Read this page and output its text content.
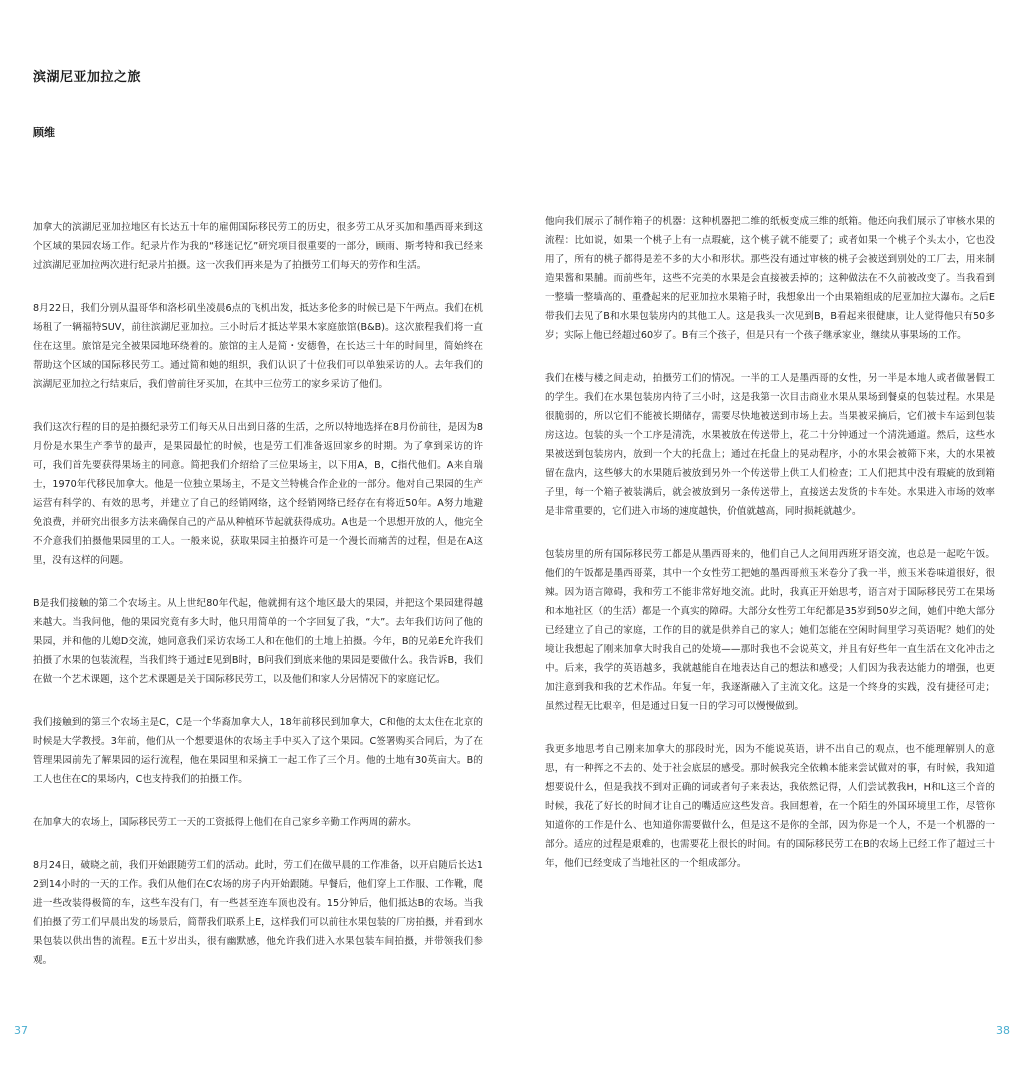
滨湖尼亚加拉之旅
顾维

加拿大的滨湖尼亚加拉地区有长达五十年的雇佣国际移民劳工的历史，很多劳工从牙买加和墨西哥来到这个区域的果园农场工作。纪录片作为我的“移迷记忆”研究项目很重要的一部分，顾雨、斯考特和我已经来过滨湖尼亚加拉两次进行纪录片拍摄。这一次我们再来是为了拍摄劳工们每天的劳作和生活。

8月22日，我们分别从温哥华和洛杉矶坐凌晨6点的飞机出发，抵达多伦多的时候已是下午两点。我们在机场租了一辆福特SUV，前往滨湖尼亚加拉。三小时后才抵达苹果木家庭旅馆(B&B)。这次旅程我们将一直住在这里。旅馆是完全被果园地环绕着的。旅馆的主人是简・安德鲁，在长达三十年的时间里，简始终在帮助这个区域的国际移民劳工。通过简和她的组织，我们认识了十位我们可以单独采访的人。去年我们的滨湖尼亚加拉之行结束后，我们曾前往牙买加，在其中三位劳工的家乡采访了他们。

我们这次行程的目的是拍摄纪录劳工们每天从日出到日落的生活，之所以特地选择在8月份前往，是因为8月份是水果生产季节的最声，是果园最忙的时候，也是劳工们准备返回家乡的时期。为了拿到采访的许可，我们首先要获得果场主的同意。简把我们介绍给了三位果场主，以下用A，B，C指代他们。A来自瑞士，1970年代移民加拿大。他是一位独立果场主，不是文兰特桃合作企业的一部分。他对自己果园的生产运营有科学的、有效的思考，并建立了自己的经销网络，这个经销网络已经存在有将近50年。A努力地避免浪费，并研究出很多方法来确保自己的产品从种植环节起就获得成功。A也是一个思想开放的人，他完全不介意我们拍摄他果园里的工人。一般来说，获取果园主拍摄许可是一个漫长而痛苦的过程，但是在A这里，没有这样的问题。

B是我们接触的第二个农场主。从上世纪80年代起，他就拥有这个地区最大的果园，并把这个果园建得越来越大。当我问他，他的果园究竟有多大时，他只用简单的一个字回复了我，“大”。去年我们访问了他的果园，并和他的儿媳D交流，她同意我们采访农场工人和在他们的土地上拍摄。今年，B的兄弟E允许我们拍摄了水果的包装流程，当我们终于通过E见到B时，B问我们到底来他的果园是要做什么。我告诉B，我们在做一个艺术课题，这个艺术课题是关于国际移民劳工，以及他们和家人分居情况下的家庭记忆。

我们接触到的第三个农场主是C，C是一个华裔加拿大人，18年前移民到加拿大，C和他的太太住在北京的时候是大学教授。3年前，他们从一个想要退休的农场主手中买入了这个果园。C签署购买合同后，为了在管理果园前先了解果园的运行流程，他在果园里和采摘工一起工作了三个月。他的土地有30英亩大。B的工人也住在C的果场内，C也支持我们的拍摄工作。

在加拿大的农场上，国际移民劳工一天的工资抵得上他们在自己家乡辛勤工作两周的薪水。

8月24日，破晓之前，我们开始跟随劳工们的活动。此时，劳工们在做早晨的工作准备，以开启随后长达12到14小时的一天的工作。我们从他们在C农场的房子内开始跟随。早餐后，他们穿上工作服、工作靴，爬进一些改装得极简的车，这些车没有门，有一些甚至连车顶也没有。15分钟后，他们抵达B的农场。当我们拍摄了劳工们早晨出发的场景后，简帮我们联系上E，这样我们可以前往水果包装的厂房拍摄，并看到水果包装以供出售的流程。E五十岁出头，很有幽默感，他允许我们进入水果包装车间拍摄，并带领我们参观。

37

他向我们展示了制作箱子的机器：这种机器把二维的纸板变成三维的纸箱。他还向我们展示了审核水果的流程：比如说，如果一个桃子上有一点瑕疵，这个桃子就不能要了；或者如果一个桃子个头太小，它也没用了，所有的桃子都得是差不多的大小和形状。那些没有通过审核的桃子会被送到别处的工厂去，用来制造果酱和果脯。而前些年，这些不完美的水果是会直接被丢掉的；这种做法在不久前被改变了。当我看到一整墙一整墙高的、重叠起来的尼亚加拉水果箱子时，我想象出一个由果箱组成的尼亚加拉大瀑布。之后E带我们去见了B和水果包装房内的其他工人。这是我头一次见到B，B看起来很健康，让人觉得他只有50多岁；实际上他已经超过60岁了。B有三个孩子，但是只有一个孩子继承家业，继续从事果场的工作。

我们在楼与楼之间走动，拍摄劳工们的情况。一半的工人是墨西哥的女性，另一半是本地人或者做暑假工的学生。我们在水果包装房内待了三小时，这是我第一次目击商业水果从果场到餐桌的包装过程。水果是很脆弱的，所以它们不能被长期储存，需要尽快地被送到市场上去。当果被采摘后，它们被卡车运到包装房这边。包装的头一个工序是清洗，水果被放在传送带上，花二十分钟通过一个清洗通道。然后，这些水果被送到包装房内，放到一个大的托盘上；通过在托盘上的晃动程序，小的水果会被筛下来，大的水果被留在盘内，这些够大的水果随后被放到另外一个传送带上供工人们检查；工人们把其中没有瑕疵的放到箱子里，每一个箱子被装满后，就会被放到另一条传送带上，直接送去发货的卡车处。水果进入市场的效率是非常重要的，它们进入市场的速度越快，价值就越高，同时损耗就越少。

包装房里的所有国际移民劳工都是从墨西哥来的，他们自己人之间用西班牙语交流，也总是一起吃午饭。他们的午饭都是墨西哥菜，其中一个女性劳工把她的墨西哥煎玉米卷分了我一半，煎玉米卷味道很好，很辣。因为语言障碍，我和劳工不能非常好地交流。此时，我真正开始思考，语言对于国际移民劳工在果场和本地社区（的生活）都是一个真实的障碍。大部分女性劳工年纪都是35岁到50岁之间，她们中绝大部分已经建立了自己的家庭，工作的目的就是供养自己的家人；她们怎能在空闲时间里学习英语呢？她们的处境让我想起了刚来加拿大时我自己的处境——那时我也不会说英文，并且有好些年一直生活在文化冲击之中。后来，我学的英语越多，我就越能自在地表达自己的想法和感受；人们因为我表达能力的增强，也更加注意到我和我的艺术作品。年复一年，我逐渐融入了主流文化。这是一个终身的实践，没有捷径可走；虽然过程无比艰辛，但是通过日复一日的学习可以慢慢做到。

我更多地思考自己刚来加拿大的那段时光，因为不能说英语，讲不出自己的观点，也不能理解别人的意思，有一种挥之不去的、处于社会底层的感受。那时候我完全依赖本能来尝试做对的事，有时候，我知道想要说什么，但是我找不到对正确的词或者句子来表达，我依然记得，人们尝试教我H，H和L这三个音的时候，我花了好长的时间才让自己的嘴适应这些发音。我回想着，在一个陌生的外国环境里工作，尽管你知道你的工作是什么、也知道你需要做什么，但是这不是你的全部，因为你是一个人，不是一个机器的一部分。适应的过程是艰难的，也需要花上很长的时间。有的国际移民劳工在B的农场上已经工作了超过三十年，他们已经变成了当地社区的一个组成部分。

38
